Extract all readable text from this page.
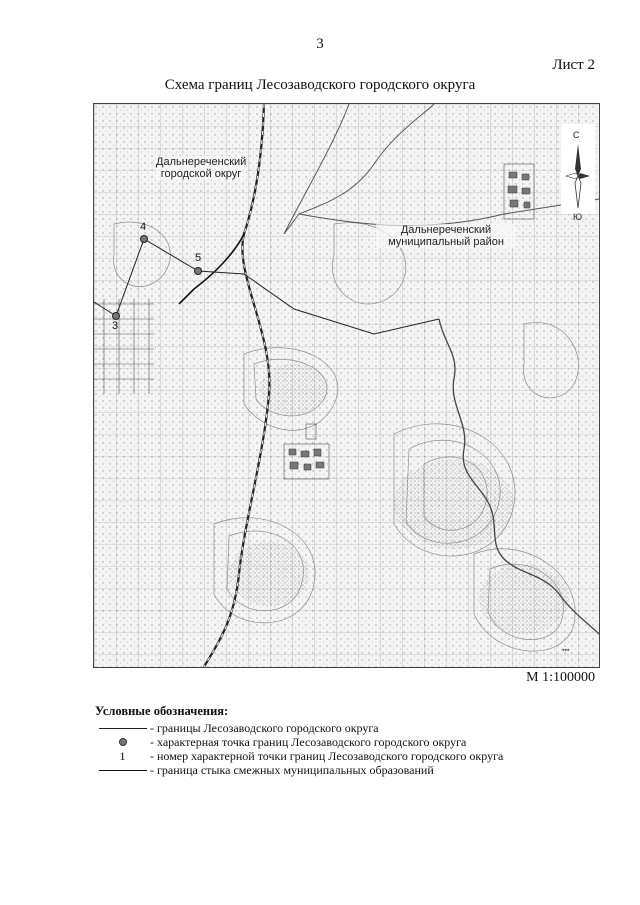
3
Лист 2
Схема границ Лесозаводского городского округа
▪▪▪
С
Ю
Дальнереченский
городской округ
Дальнереченский
муниципальный район
4
5
3
М 1:100000
Условные обозначения:
- границы Лесозаводского городского округа
- характерная точка границ Лесозаводского городского округа
1 - номер характерной точки границ Лесозаводского городского округа
- граница стыка смежных муниципальных образований
